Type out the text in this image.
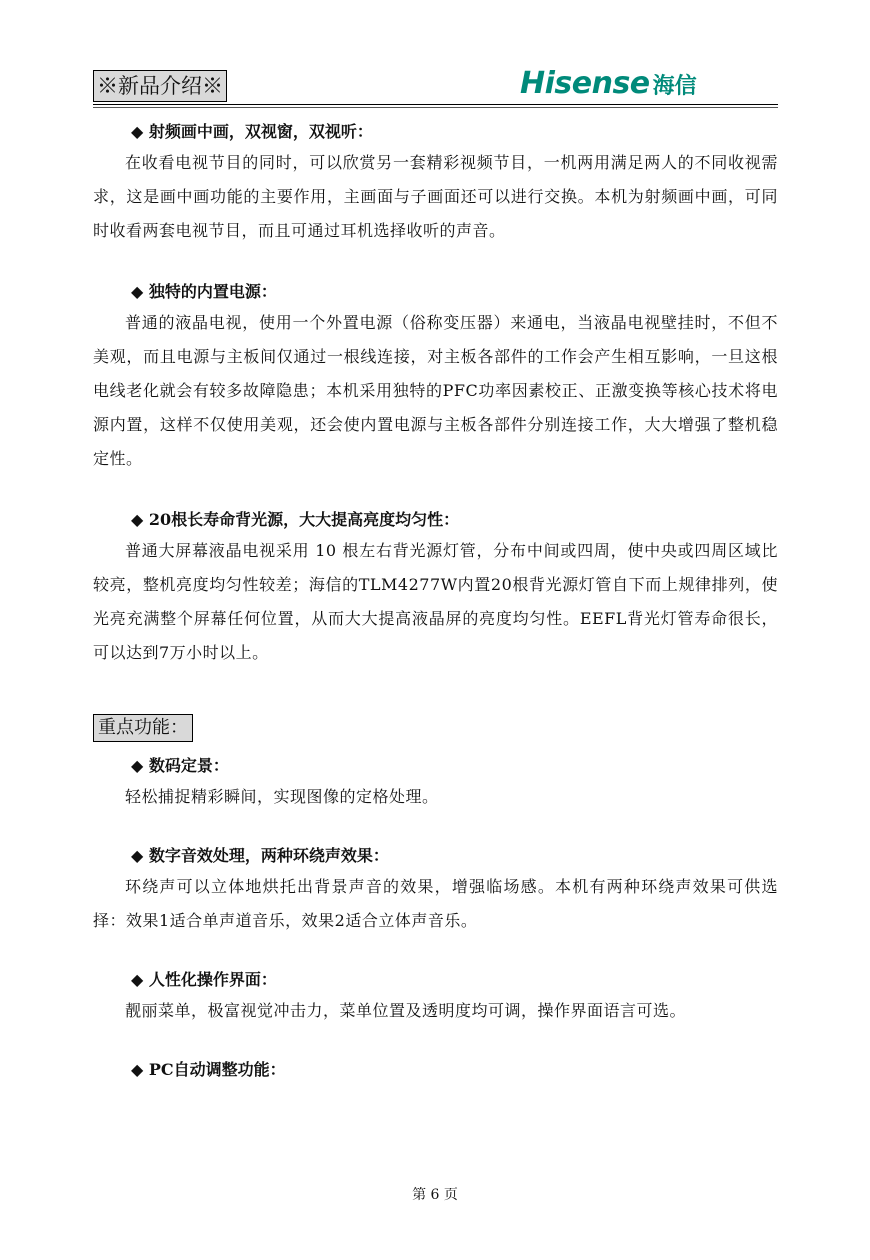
※新品介绍※	Hisense 海信
◆ 射频画中画，双视窗，双视听：
在收看电视节目的同时，可以欣赏另一套精彩视频节目，一机两用满足两人的不同收视需求，这是画中画功能的主要作用，主画面与子画面还可以进行交换。本机为射频画中画，可同时收看两套电视节目，而且可通过耳机选择收听的声音。
◆ 独特的内置电源：
普通的液晶电视，使用一个外置电源（俗称变压器）来通电，当液晶电视壁挂时，不但不美观，而且电源与主板间仅通过一根线连接，对主板各部件的工作会产生相互影响，一旦这根电线老化就会有较多故障隐患；本机采用独特的PFC功率因素校正、正激变换等核心技术将电源内置，这样不仅使用美观，还会使内置电源与主板各部件分别连接工作，大大增强了整机稳定性。
◆ 20根长寿命背光源，大大提高亮度均匀性：
普通大屏幕液晶电视采用 10 根左右背光源灯管，分布中间或四周，使中央或四周区域比较亮，整机亮度均匀性较差；海信的TLM4277W内置20根背光源灯管自下而上规律排列，使光亮充满整个屏幕任何位置，从而大大提高液晶屏的亮度均匀性。EEFL背光灯管寿命很长，可以达到7万小时以上。
重点功能：
◆ 数码定景：
轻松捕捉精彩瞬间，实现图像的定格处理。
◆ 数字音效处理，两种环绕声效果：
环绕声可以立体地烘托出背景声音的效果，增强临场感。本机有两种环绕声效果可供选择：效果1适合单声道音乐，效果2适合立体声音乐。
◆ 人性化操作界面：
靓丽菜单，极富视觉冲击力，菜单位置及透明度均可调，操作界面语言可选。
◆ PC自动调整功能：
第 6 页
